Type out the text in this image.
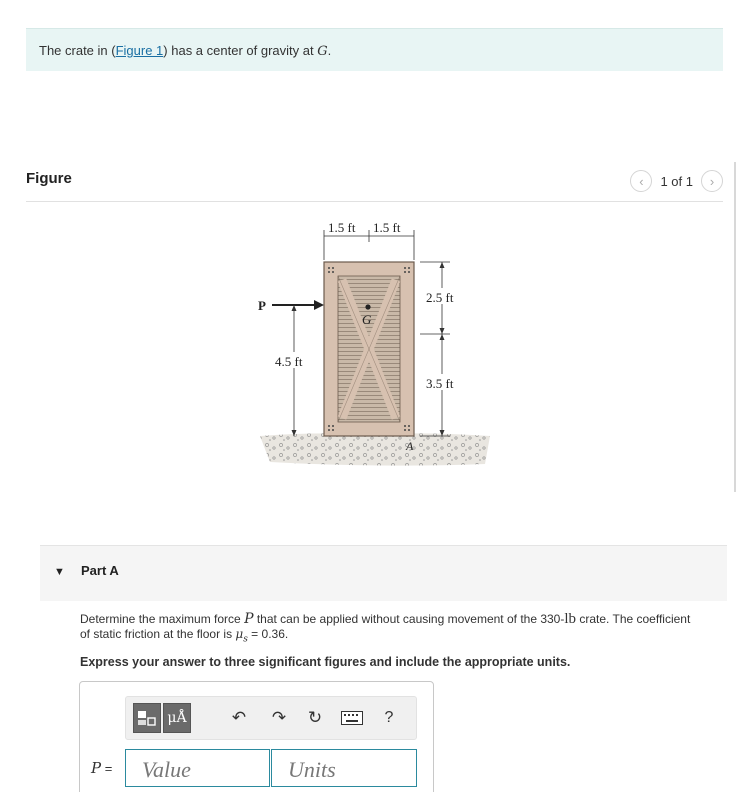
The crate in (Figure 1) has a center of gravity at G.
Figure	‹ 1 of 1 ›
G
1.5 ft 1.5 ft
2.5 ft
3.5 ft
P
4.5 ft
A
▼ Part A
Determine the maximum force P that can be applied without causing movement of the 330-lb crate. The coefficient of static friction at the floor is $\mu_s = 0.36$.
Express your answer to three significant figures and include the appropriate units.
μÅ	↶ ↷ ↻	?
P =
Value
Units
